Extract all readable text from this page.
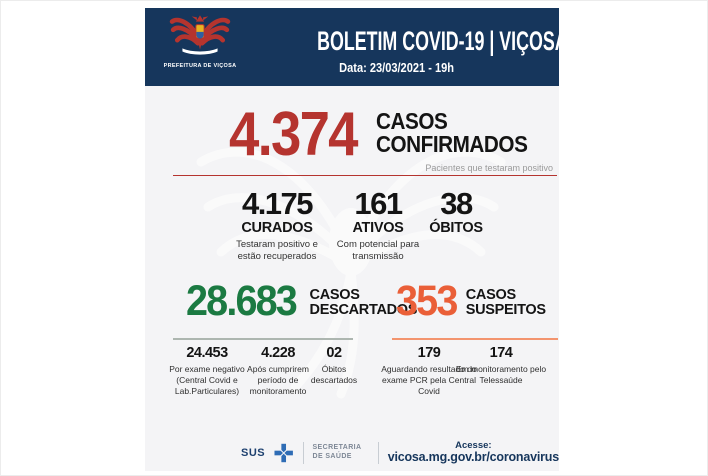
PREFEITURA DE VIÇOSA
BOLETIM COVID-19 | VIÇOSA (MG)
Data: 23/03/2021 - 19h
4.374 CASOS
CONFIRMADOS
Pacientes que testaram positivo
4.175
CURADOS
Testaram positivo e estão recuperados
161
ATIVOS
Com potencial para transmissão
38
ÓBITOS
28.683 CASOS
DESCARTADOS
353 CASOS
SUSPEITOS
24.453
Por exame negativo (Central Covid e Lab.Particulares)
4.228
Após cumprirem período de monitoramento
02
Óbitos descartados
179
Aguardando resultado do exame PCR pela Central Covid
174
Em monitoramento pelo Telessaúde
SUS	SECRETARIA DE SAÚDE
Acesse:
vicosa.mg.gov.br/coronavirus
